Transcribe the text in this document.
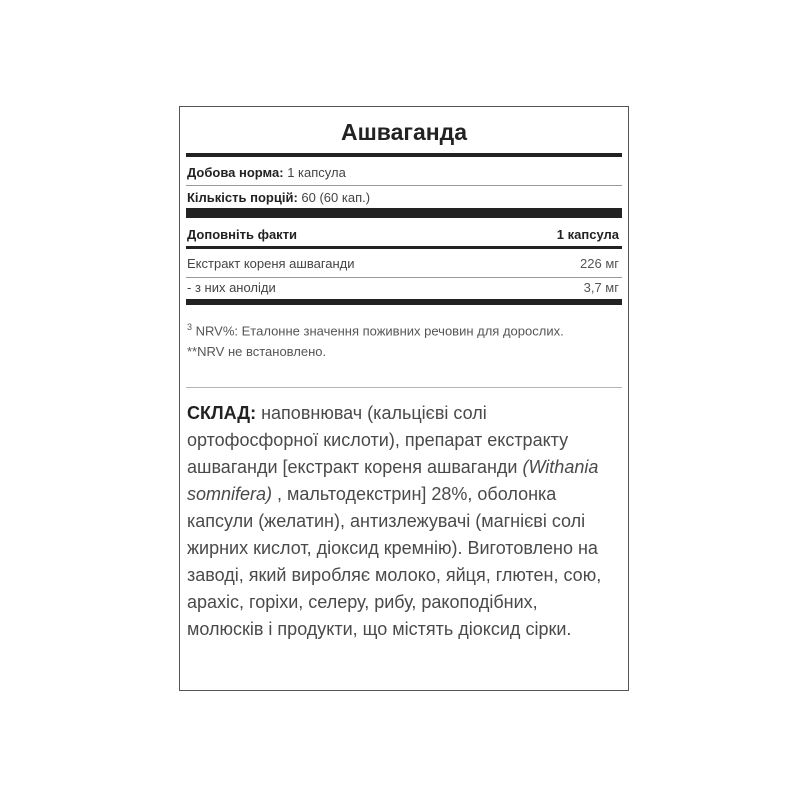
Ашваганда
Добова норма: 1 капсула
Кількість порцій: 60 (60 кап.)
Доповніть факти	1 капсула
Екстракт кореня ашваганди	226 мг
- з них аноліди	3,7 мг
$^3$ NRV%: Еталонне значення поживних речовин для дорослих.
**NRV не встановлено.
СКЛАД: наповнювач (кальцієві солі ортофосфорної кислоти), препарат екстракту ашваганди [екстракт кореня ашваганди (Withania somnifera) , мальтодекстрин] 28%, оболонка капсули (желатин), антизлежувачі (магнієві солі жирних кислот, діоксид кремнію). Виготовлено на заводі, який виробляє молоко, яйця, глютен, сою, арахіс, горіхи, селеру, рибу, ракоподібних, молюсків і продукти, що містять діоксид сірки.
